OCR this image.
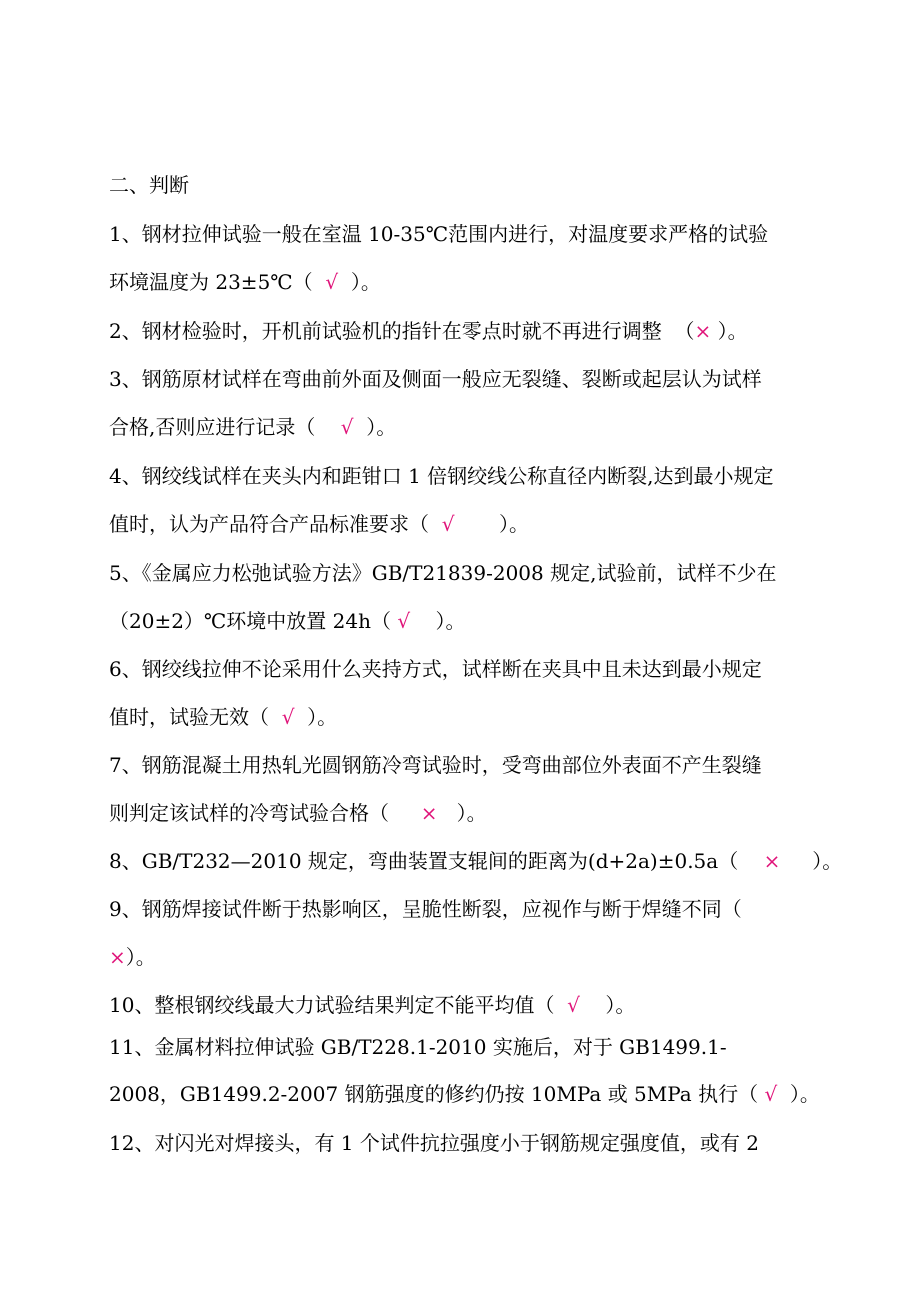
二、判断
1、钢材拉伸试验一般在室温 10-35℃范围内进行，对温度要求严格的试验
环境温度为 23±5℃（  √  ）。
2、钢材检验时，开机前试验机的指针在零点时就不再进行调整  （× ）。
3、钢筋原材试样在弯曲前外面及侧面一般应无裂缝、裂断或起层认为试样
合格,否则应进行记录（    √  ）。
4、钢绞线试样在夹头内和距钳口 1 倍钢绞线公称直径内断裂,达到最小规定
值时，认为产品符合产品标准要求（  √       ）。
5、《金属应力松弛试验方法》GB/T21839-2008 规定,试验前，试样不少在
（20±2）℃环境中放置 24h（ √    ）。
6、钢绞线拉伸不论采用什么夹持方式，试样断在夹具中且未达到最小规定
值时，试验无效（  √  ）。
7、钢筋混凝土用热轧光圆钢筋冷弯试验时，受弯曲部位外表面不产生裂缝
则判定该试样的冷弯试验合格（     ×   ）。
8、GB/T232—2010 规定，弯曲装置支辊间的距离为(d+2a)±0.5a（    ×     ）。
9、钢筋焊接试件断于热影响区，呈脆性断裂，应视作与断于焊缝不同（
×）。
10、整根钢绞线最大力试验结果判定不能平均值（  √    ）。
11、金属材料拉伸试验 GB/T228.1-2010 实施后，对于 GB1499.1-
2008，GB1499.2-2007 钢筋强度的修约仍按 10MPa 或 5MPa 执行（ √  ）。
12、对闪光对焊接头，有 1 个试件抗拉强度小于钢筋规定强度值，或有 2
